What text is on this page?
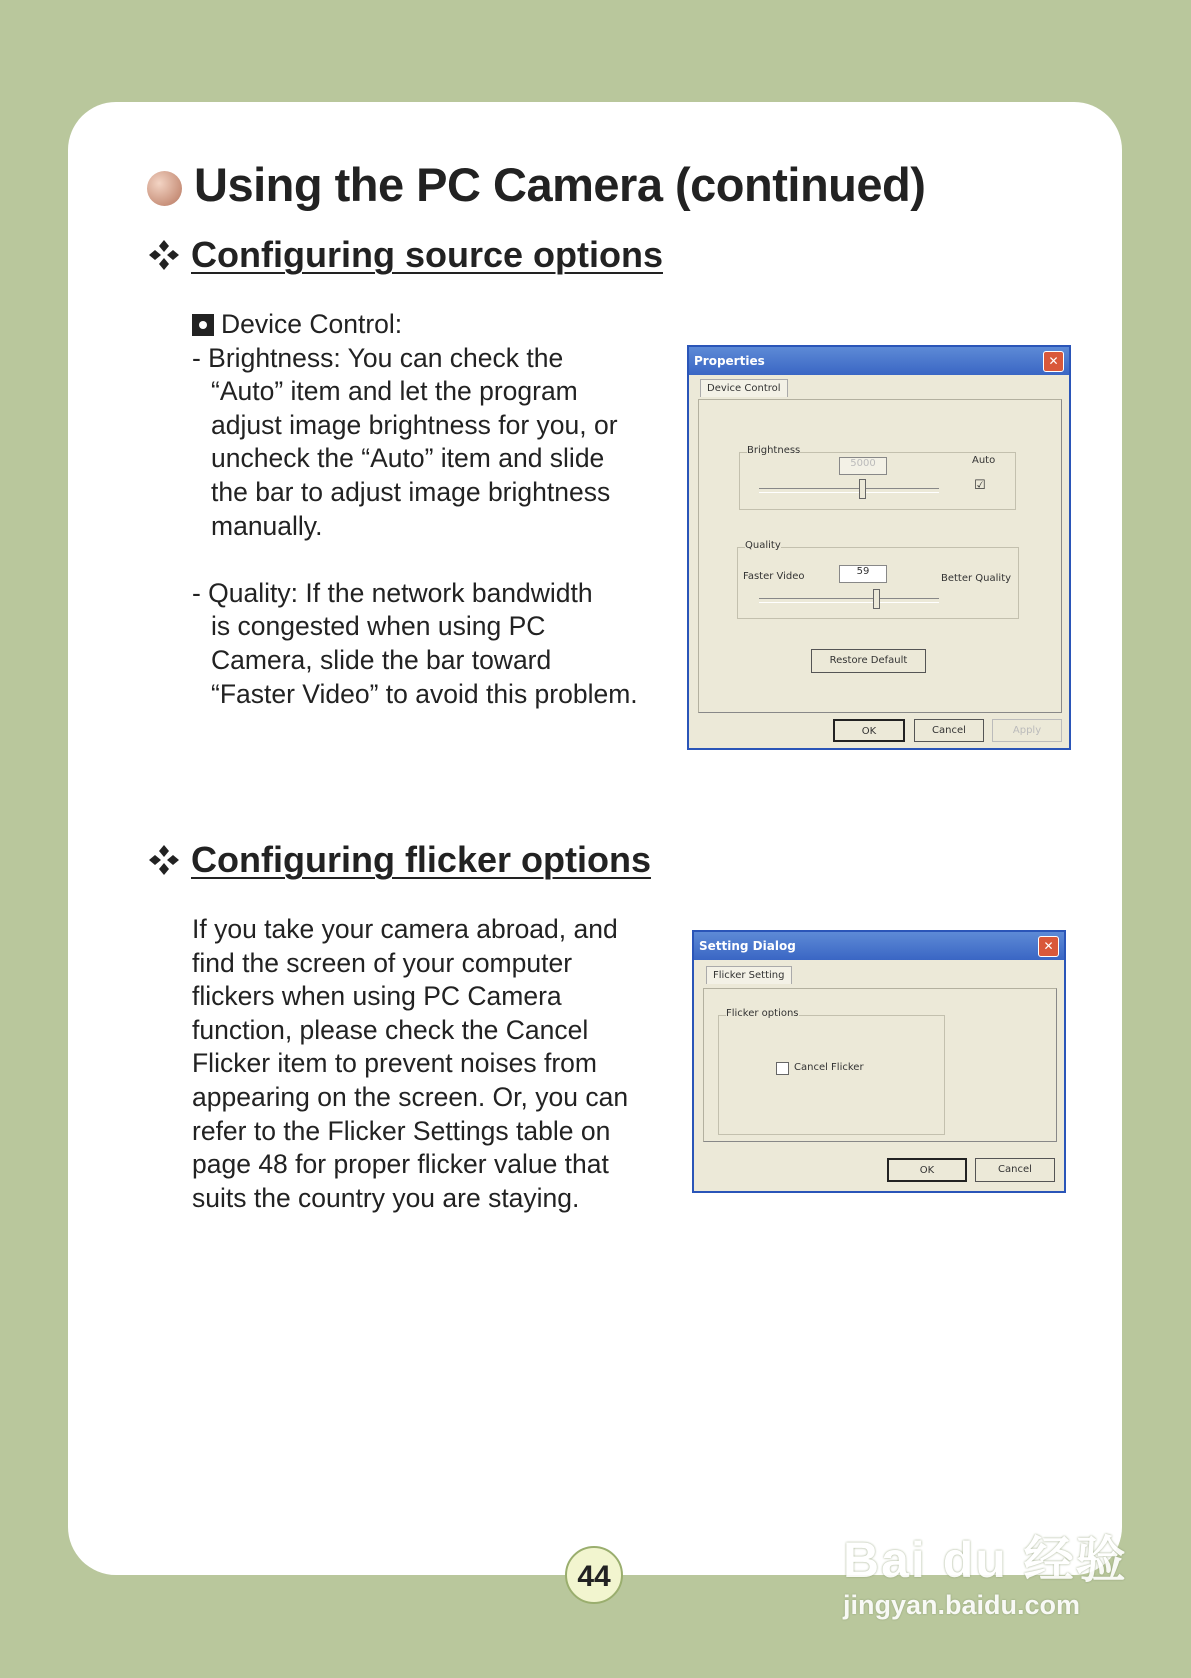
Using the PC Camera (continued)
Configuring source options
Device Control:
- Brightness: You can check the
“Auto” item and let the program
adjust image brightness for you, or
uncheck the “Auto” item and slide
the bar to adjust image brightness
manually.
- Quality: If the network bandwidth
is congested when using PC
Camera, slide the bar toward
“Faster Video” to avoid this problem.
Properties	✕
Device Control
Brightness
5000	Auto
☑
Quality
Faster Video	59
Better Quality
Restore Default
OK	Cancel	Apply
Configuring flicker options
If you take your camera abroad, and
find the screen of your computer
flickers when using PC Camera
function, please check the Cancel
Flicker item to prevent noises from
appearing on the screen. Or, you can
refer to the Flicker Settings table on
page 48 for proper flicker value that
suits the country you are staying.
Setting Dialog	✕
Flicker Setting
Flicker options
Cancel Flicker
OK	Cancel
44	Bai du 经验
jingyan.baidu.com
